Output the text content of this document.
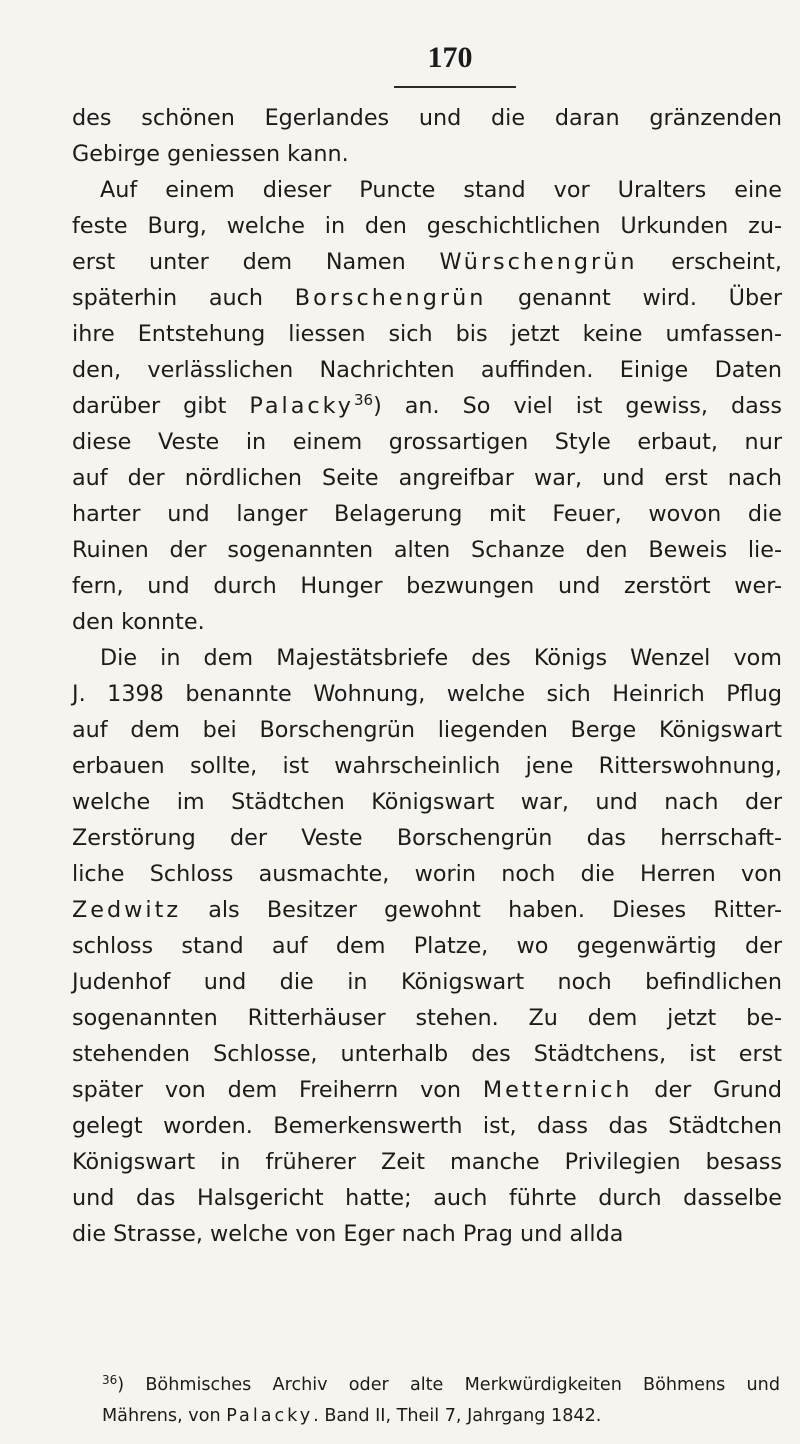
170
des schönen Egerlandes und die daran gränzenden
Gebirge geniessen kann.
Auf einem dieser Puncte stand vor Uralters eine
feste Burg, welche in den geschichtlichen Urkunden zu-
erst unter dem Namen Würschengrün erscheint,
späterhin auch Borschengrün genannt wird. Über
ihre Entstehung liessen sich bis jetzt keine umfassen-
den, verlässlichen Nachrichten auffinden. Einige Daten
darüber gibt Palacky$^{36}$) an. So viel ist gewiss, dass
diese Veste in einem grossartigen Style erbaut, nur
auf der nördlichen Seite angreifbar war, und erst nach
harter und langer Belagerung mit Feuer, wovon die
Ruinen der sogenannten alten Schanze den Beweis lie-
fern, und durch Hunger bezwungen und zerstört wer-
den konnte.
Die in dem Majestätsbriefe des Königs Wenzel vom
J. 1398 benannte Wohnung, welche sich Heinrich Pflug
auf dem bei Borschengrün liegenden Berge Königswart
erbauen sollte, ist wahrscheinlich jene Ritterswohnung,
welche im Städtchen Königswart war, und nach der
Zerstörung der Veste Borschengrün das herrschaft-
liche Schloss ausmachte, worin noch die Herren von
Zedwitz als Besitzer gewohnt haben. Dieses Ritter-
schloss stand auf dem Platze, wo gegenwärtig der
Judenhof und die in Königswart noch befindlichen
sogenannten Ritterhäuser stehen. Zu dem jetzt be-
stehenden Schlosse, unterhalb des Städtchens, ist erst
später von dem Freiherrn von Metternich der Grund
gelegt worden. Bemerkenswerth ist, dass das Städtchen
Königswart in früherer Zeit manche Privilegien besass
und das Halsgericht hatte; auch führte durch dasselbe
die Strasse, welche von Eger nach Prag und allda
$^{36}$) Böhmisches Archiv oder alte Merkwürdigkeiten Böhmens und
Mährens, von Palacky. Band II, Theil 7, Jahrgang 1842.
